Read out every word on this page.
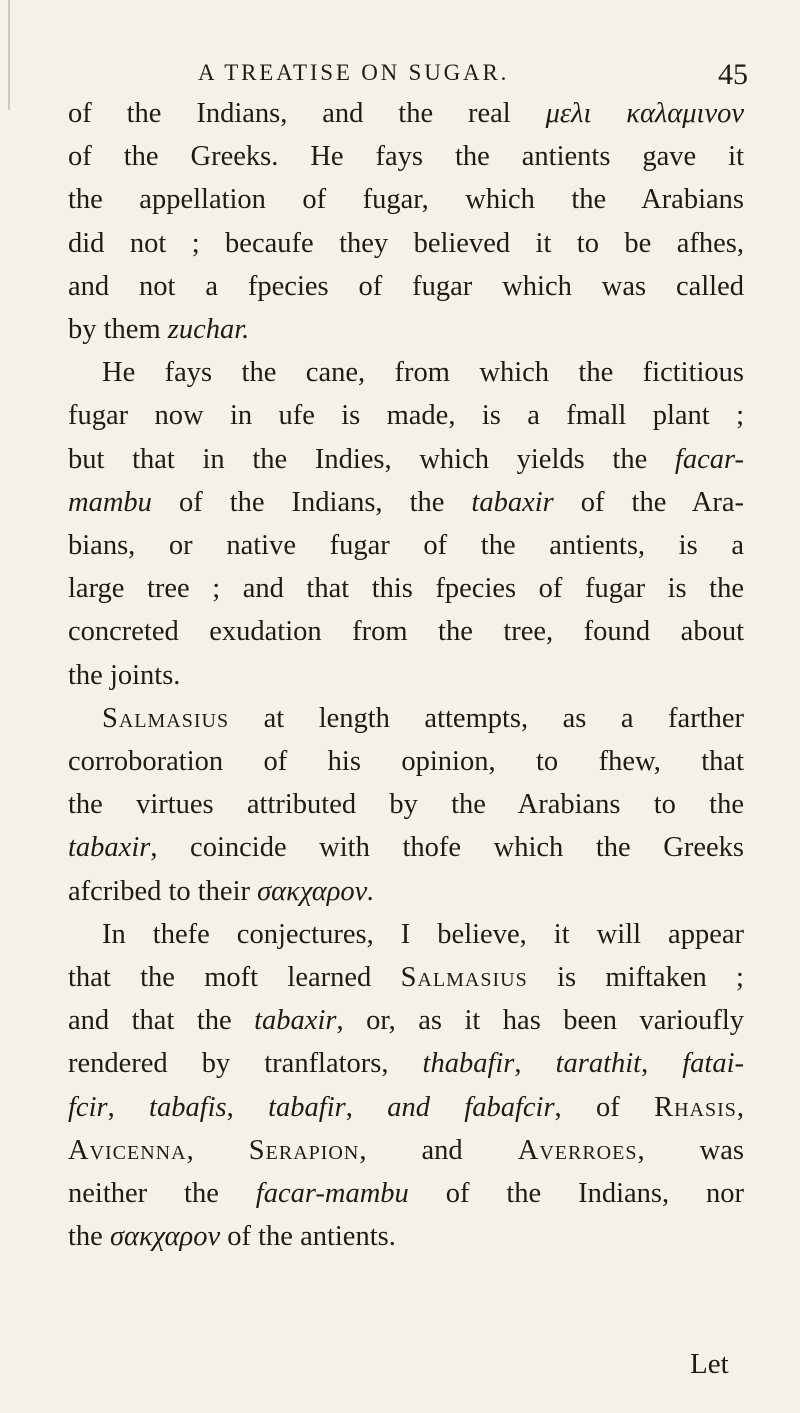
A TREATISE ON SUGAR.	45
of the Indians, and the real μελι καλαμινον
of the Greeks. He fays the antients gave it
the appellation of fugar, which the Arabians
did not ; becaufe they believed it to be afhes,
and not a fpecies of fugar which was called
by them zuchar.
He fays the cane, from which the fictitious
fugar now in ufe is made, is a fmall plant ;
but that in the Indies, which yields the facar-
mambu of the Indians, the tabaxir of the Ara-
bians, or native fugar of the antients, is a
large tree ; and that this fpecies of fugar is the
concreted exudation from the tree, found about
the joints.
Salmasius at length attempts, as a farther
corroboration of his opinion, to fhew, that
the virtues attributed by the Arabians to the
tabaxir, coincide with thofe which the Greeks
afcribed to their σακχαρον.
In thefe conjectures, I believe, it will appear
that the moft learned Salmasius is miftaken ;
and that the tabaxir, or, as it has been varioufly
rendered by tranflators, thabafir, tarathit, fatai-
fcir, tabafis, tabafir, and fabafcir, of Rhasis,
Avicenna, Serapion, and Averroes, was
neither the facar-mambu of the Indians, nor
the σακχαρον of the antients.
Let
